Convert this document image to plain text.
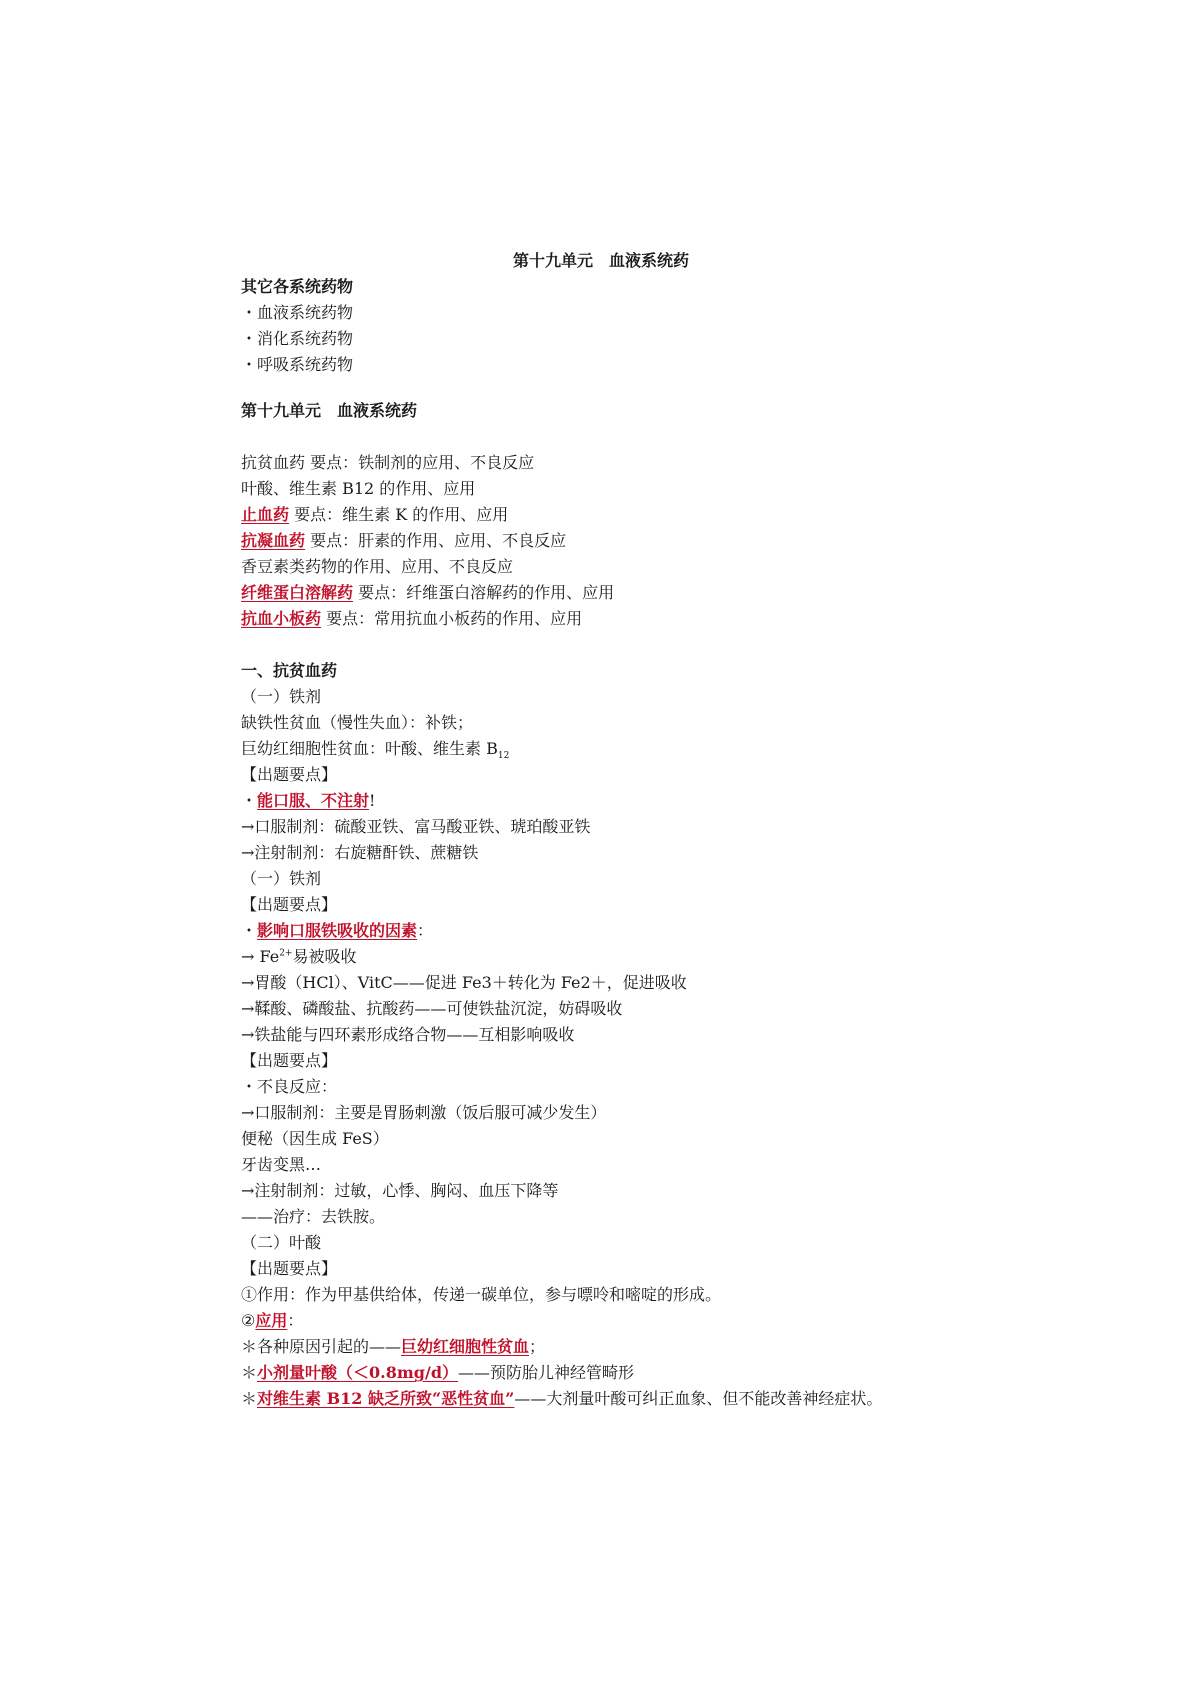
第十九单元　血液系统药
其它各系统药物
・血液系统药物
・消化系统药物
・呼吸系统药物
第十九单元　血液系统药
抗贫血药 要点：铁制剂的应用、不良反应
叶酸、维生素 B12 的作用、应用
止血药 要点：维生素 K 的作用、应用
抗凝血药 要点：肝素的作用、应用、不良反应
香豆素类药物的作用、应用、不良反应
纤维蛋白溶解药 要点：纤维蛋白溶解药的作用、应用
抗血小板药 要点：常用抗血小板药的作用、应用
一、抗贫血药
（一）铁剂
缺铁性贫血（慢性失血）：补铁；
巨幼红细胞性贫血：叶酸、维生素 $B_{12}$
【出题要点】
・能口服、不注射!
→口服制剂：硫酸亚铁、富马酸亚铁、琥珀酸亚铁
→注射制剂：右旋糖酐铁、蔗糖铁
（一）铁剂
【出题要点】
・影响口服铁吸收的因素：
→ $Fe^{2+}$易被吸收
→胃酸（HCl）、VitC——促进 Fe3＋转化为 Fe2＋，促进吸收
→鞣酸、磷酸盐、抗酸药——可使铁盐沉淀，妨碍吸收
→铁盐能与四环素形成络合物——互相影响吸收
【出题要点】
・不良反应：
→口服制剂：主要是胃肠刺激（饭后服可减少发生）
便秘（因生成 FeS）
牙齿变黑…
→注射制剂：过敏，心悸、胸闷、血压下降等
——治疗：去铁胺。
（二）叶酸
【出题要点】
①作用：作为甲基供给体，传递一碳单位，参与嘌呤和嘧啶的形成。
②应用：
＊各种原因引起的——巨幼红细胞性贫血；
＊小剂量叶酸（＜0.8mg/d）——预防胎儿神经管畸形
＊对维生素 B12 缺乏所致“恶性贫血”——大剂量叶酸可纠正血象、但不能改善神经症状。
